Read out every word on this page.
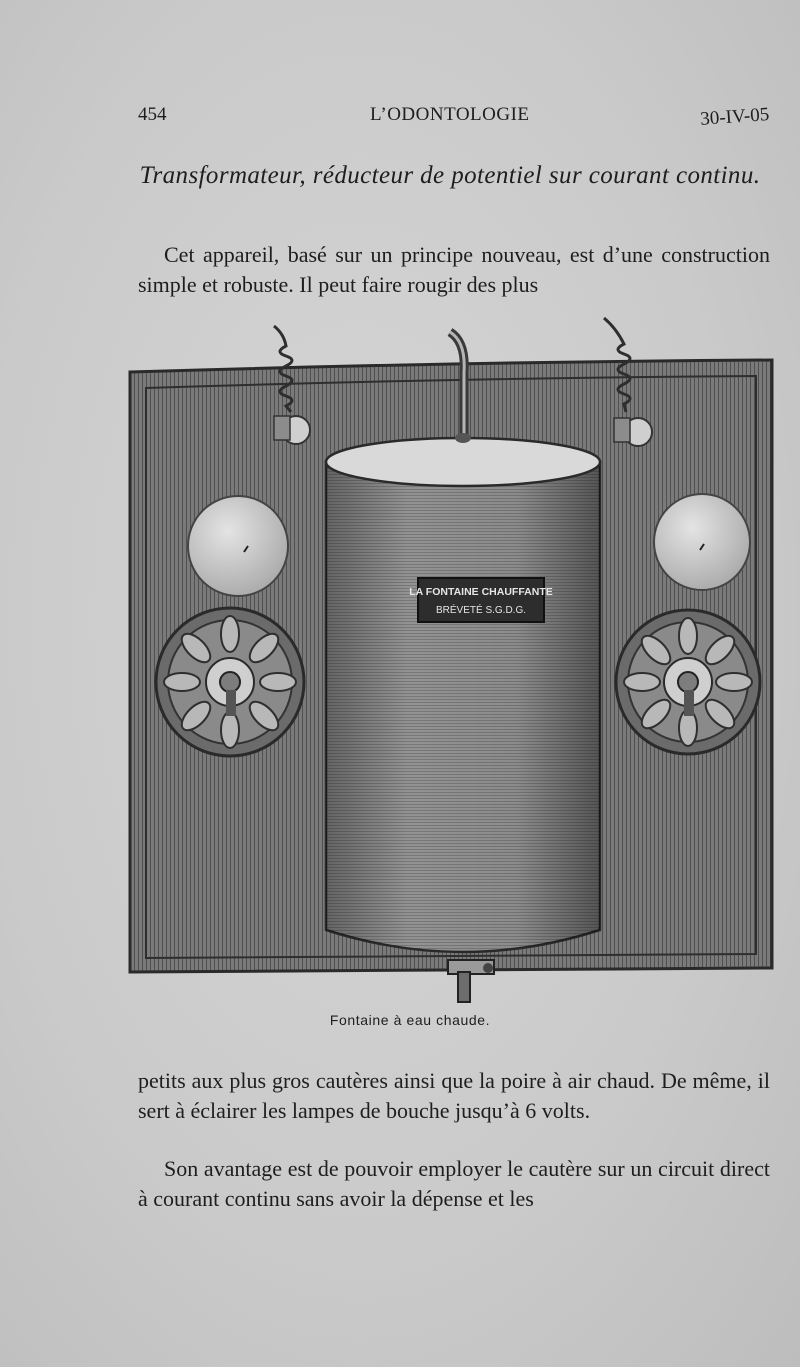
454	L’ODONTOLOGIE	30-IV-05
Transformateur, réducteur de potentiel sur courant continu.
Cet appareil, basé sur un principe nouveau, est d’une construction simple et robuste. Il peut faire rougir des plus
LA FONTAINE CHAUFFANTE
BRÉVETÉ S.G.D.G.
Fontaine à eau chaude.
petits aux plus gros cautères ainsi que la poire à air chaud. De même, il sert à éclairer les lampes de bouche jusqu’à 6 volts.
Son avantage est de pouvoir employer le cautère sur un circuit direct à courant continu sans avoir la dépense et les
